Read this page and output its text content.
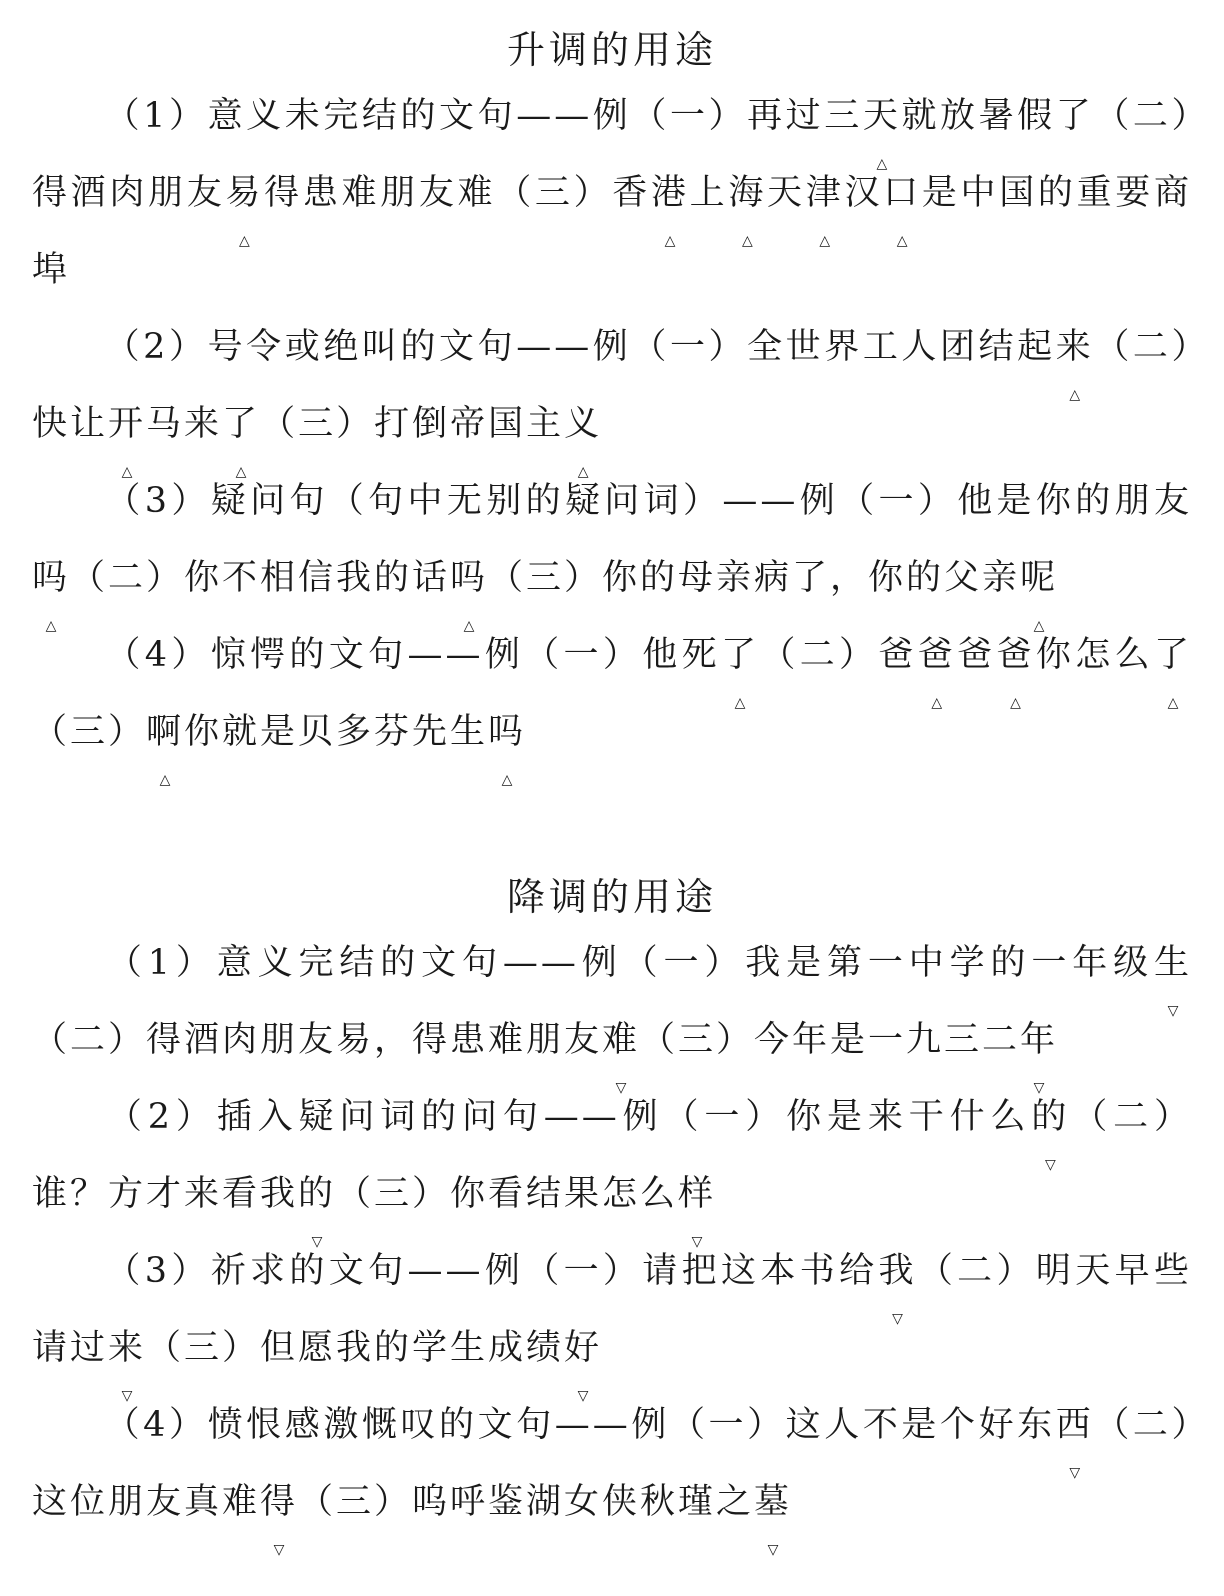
升调的用途

（1）意义未完结的文句——例（一）再过三天 △就放暑假了（二）得酒肉朋友易 △得患难朋友难（三）香港 △上海 △天津 △汉口 △是中国的重要商埠

（2）号令或绝叫的文句——例（一）全世界工人团结起来 △（二）快让开 △马来了 △（三）打倒帝国主义 △

（3）疑问句（句中无别的疑问词）——例（一）他是你的朋友吗 △（二）你不相信我的话吗 △（三）你的母亲病了，你的父亲呢 △

（4）惊愕的文句——例（一）他死了 △（二）爸爸 △爸爸 △你怎么了 △（三）啊 △你就是贝多芬先生吗 △

降调的用途

（1）意义完结的文句——例（一）我是第一中学的一年级生 ▽（二）得酒肉朋友易，得患难朋友难 ▽（三）今年是一九三二年 ▽

（2）插入疑问词的问句——例（一）你是来干什么的 ▽（二）谁？方才来看我的 ▽（三）你看结果怎么样 ▽

（3）祈求的文句——例（一）请把这本书给我 ▽（二）明天早些请过来 ▽（三）但愿我的学生成绩好 ▽

（4）愤恨感激慨叹的文句——例（一）这人不是个好东西 ▽（二）这位朋友真难得 ▽（三）呜呼鉴湖女侠秋瑾之墓 ▽
